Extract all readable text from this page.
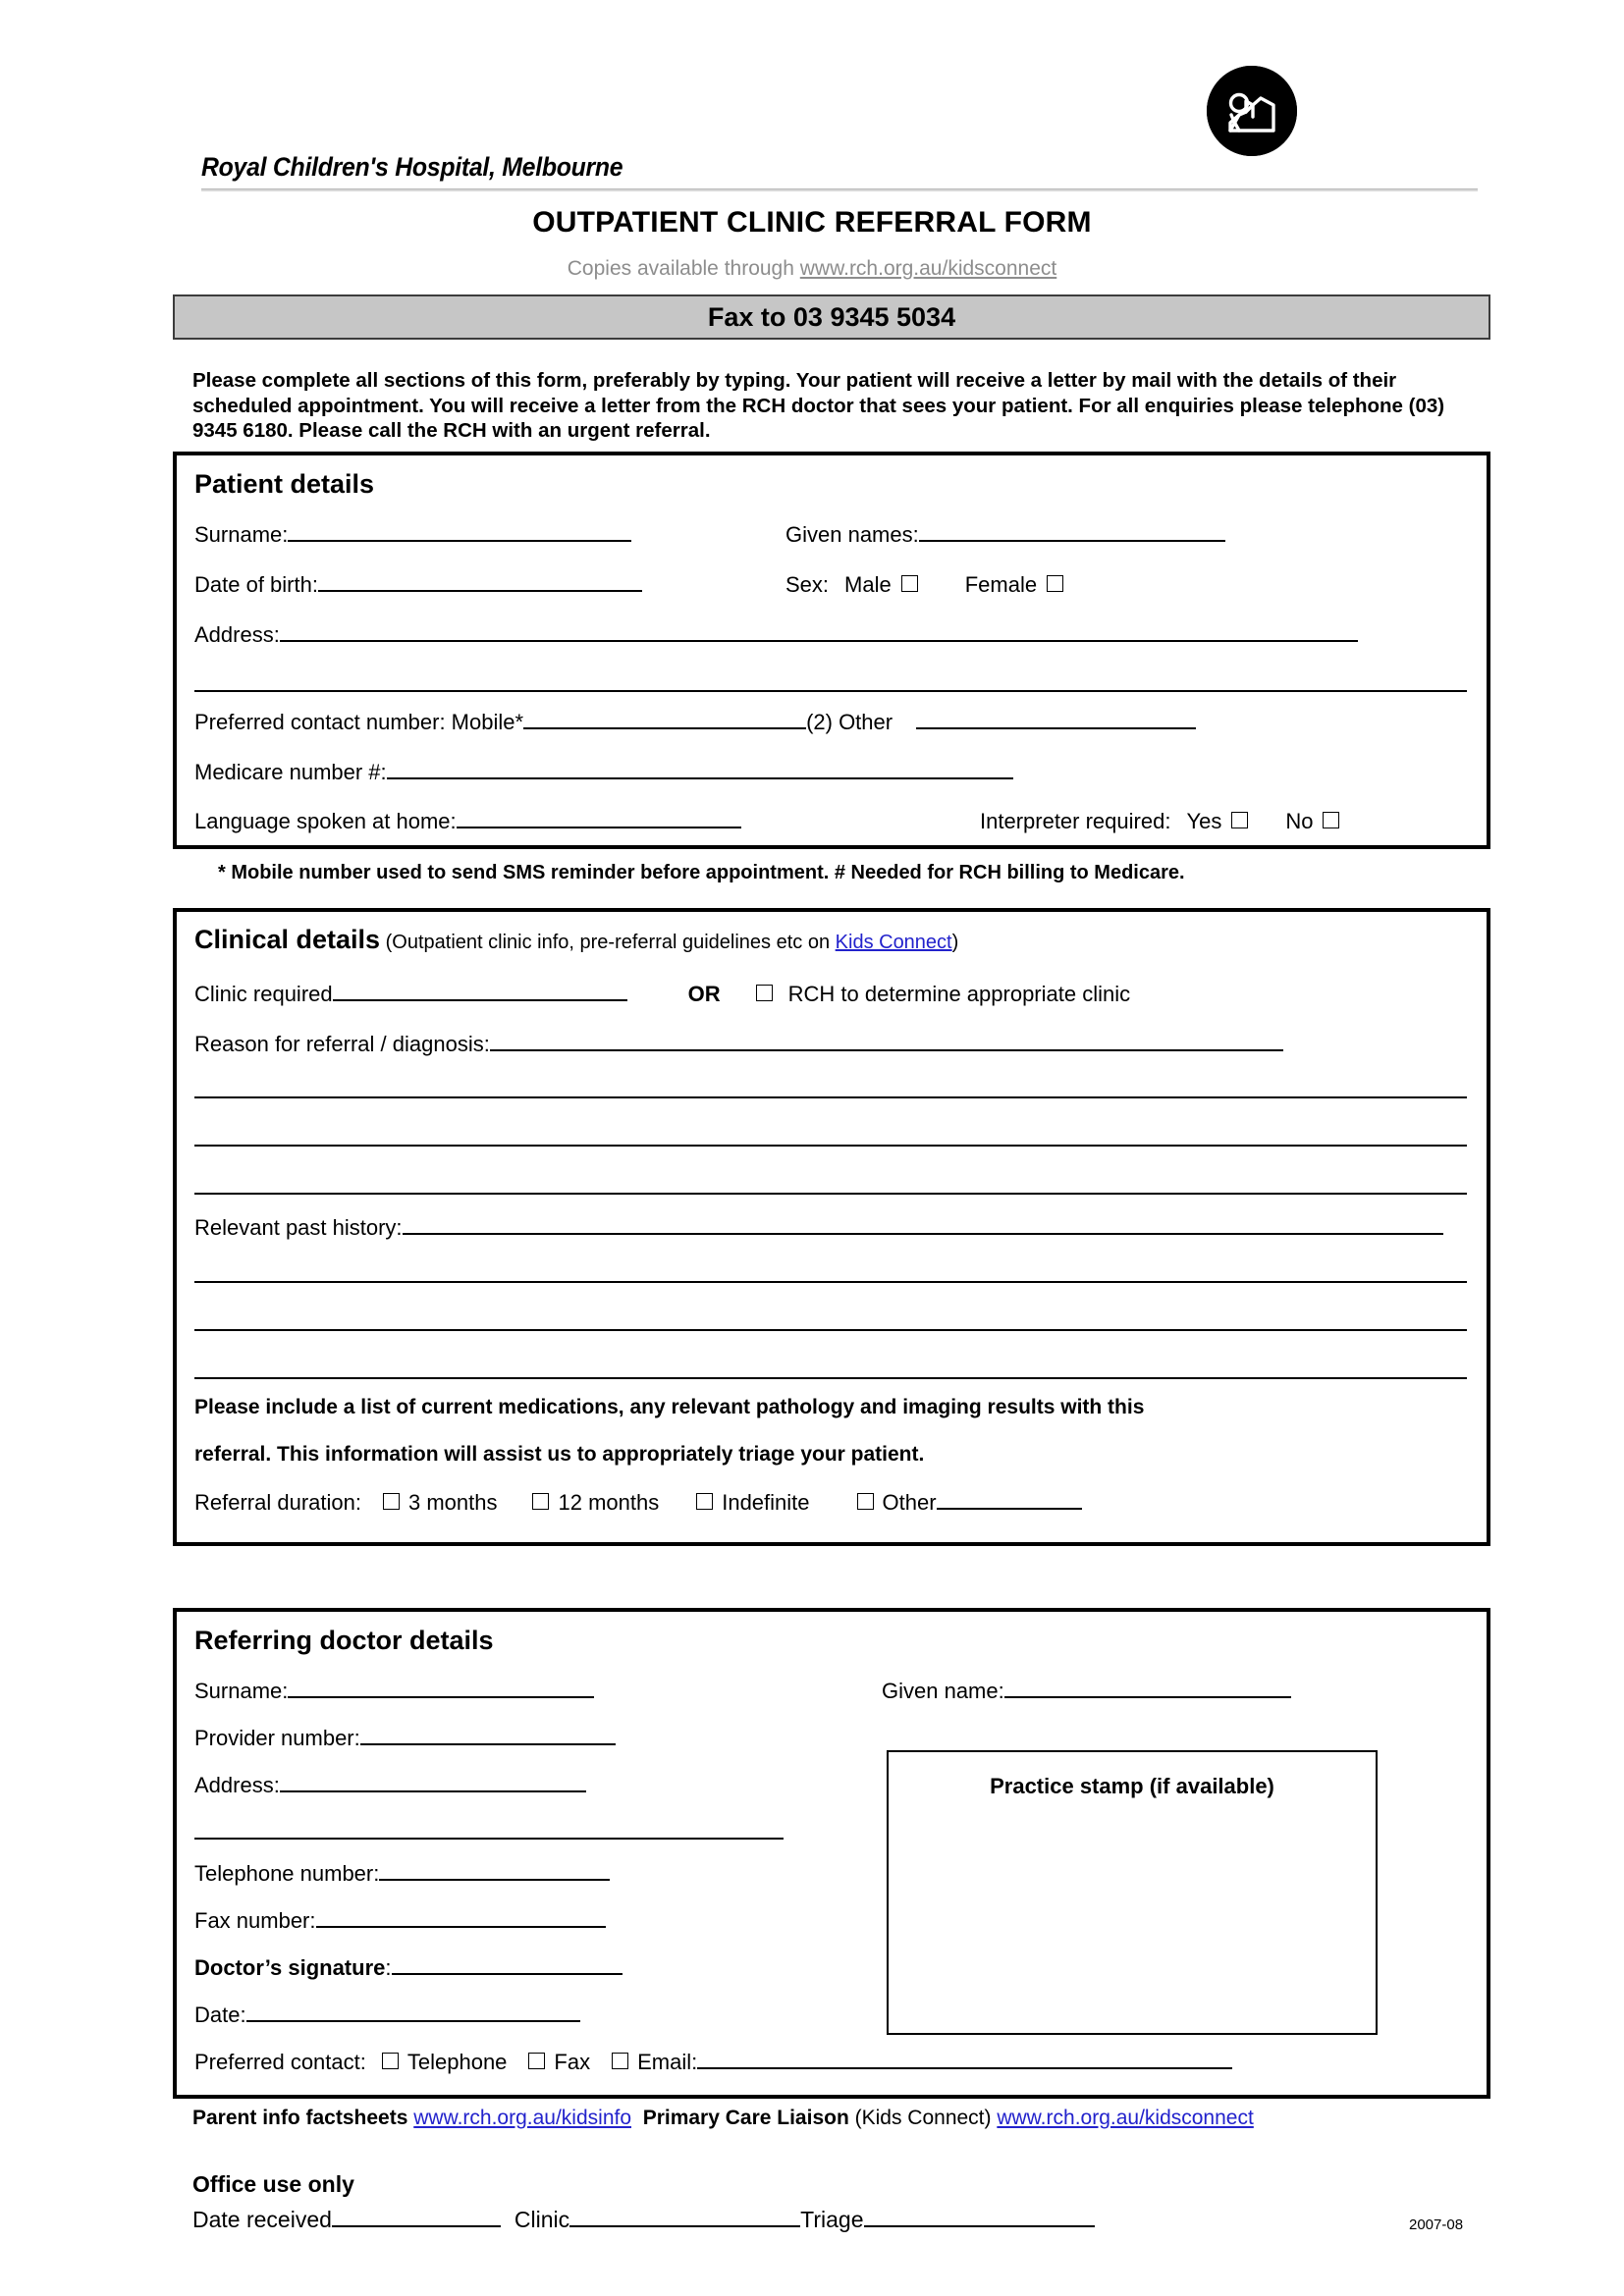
Royal Children's Hospital, Melbourne
OUTPATIENT CLINIC REFERRAL FORM
Copies available through www.rch.org.au/kidsconnect
Fax to 03 9345 5034
Please complete all sections of this form, preferably by typing. Your patient will receive a letter by mail with the details of their scheduled appointment. You will receive a letter from the RCH doctor that sees your patient. For all enquiries please telephone (03) 9345 6180. Please call the RCH with an urgent referral.
Patient details
Surname:	Given names:
Date of birth:	Sex: Male	Female
Address:
Preferred contact number: Mobile*	(2) Other
Medicare number #:
Language spoken at home:	Interpreter required: Yes	No
* Mobile number used to send SMS reminder before appointment. # Needed for RCH billing to Medicare.
Clinical details (Outpatient clinic info, pre-referral guidelines etc on Kids Connect)
Clinic required	OR	RCH to determine appropriate clinic
Reason for referral / diagnosis:
Relevant past history:
Please include a list of current medications, any relevant pathology and imaging results with this
referral. This information will assist us to appropriately triage your patient.
Referral duration: 3 months	12 months	Indefinite	Other
Referring doctor details
Surname:	Given name:
Provider number:
Address:
Telephone number:
Fax number:
Doctor’s signature :
Date:
Preferred contact: Telephone Fax Email:
Practice stamp (if available)
Parent info factsheets www.rch.org.au/kidsinfo Primary Care Liaison (Kids Connect) www.rch.org.au/kidsconnect
Office use only
Date received	Clinic	Triage	2007-08
